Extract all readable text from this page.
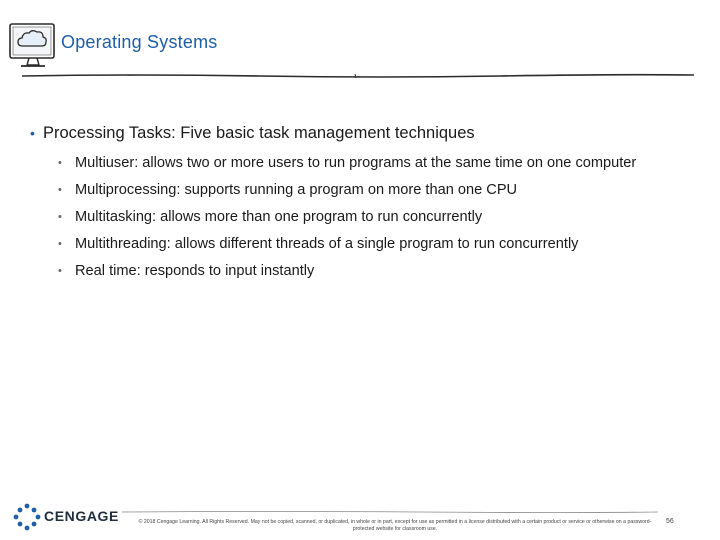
Operating Systems
• Processing Tasks: Five basic task management techniques
• Multiuser: allows two or more users to run programs at the same time on one computer
• Multiprocessing: supports running a program on more than one CPU
• Multitasking: allows more than one program to run concurrently
• Multithreading: allows different threads of a single program to run concurrently
• Real time: responds to input instantly
CENGAGE	© 2018 Cengage Learning. All Rights Reserved. May not be copied, scanned, or duplicated, in whole or in part, except for use as permitted in a license distributed with a certain product or service or otherwise on a password-protected website for classroom use.
56
